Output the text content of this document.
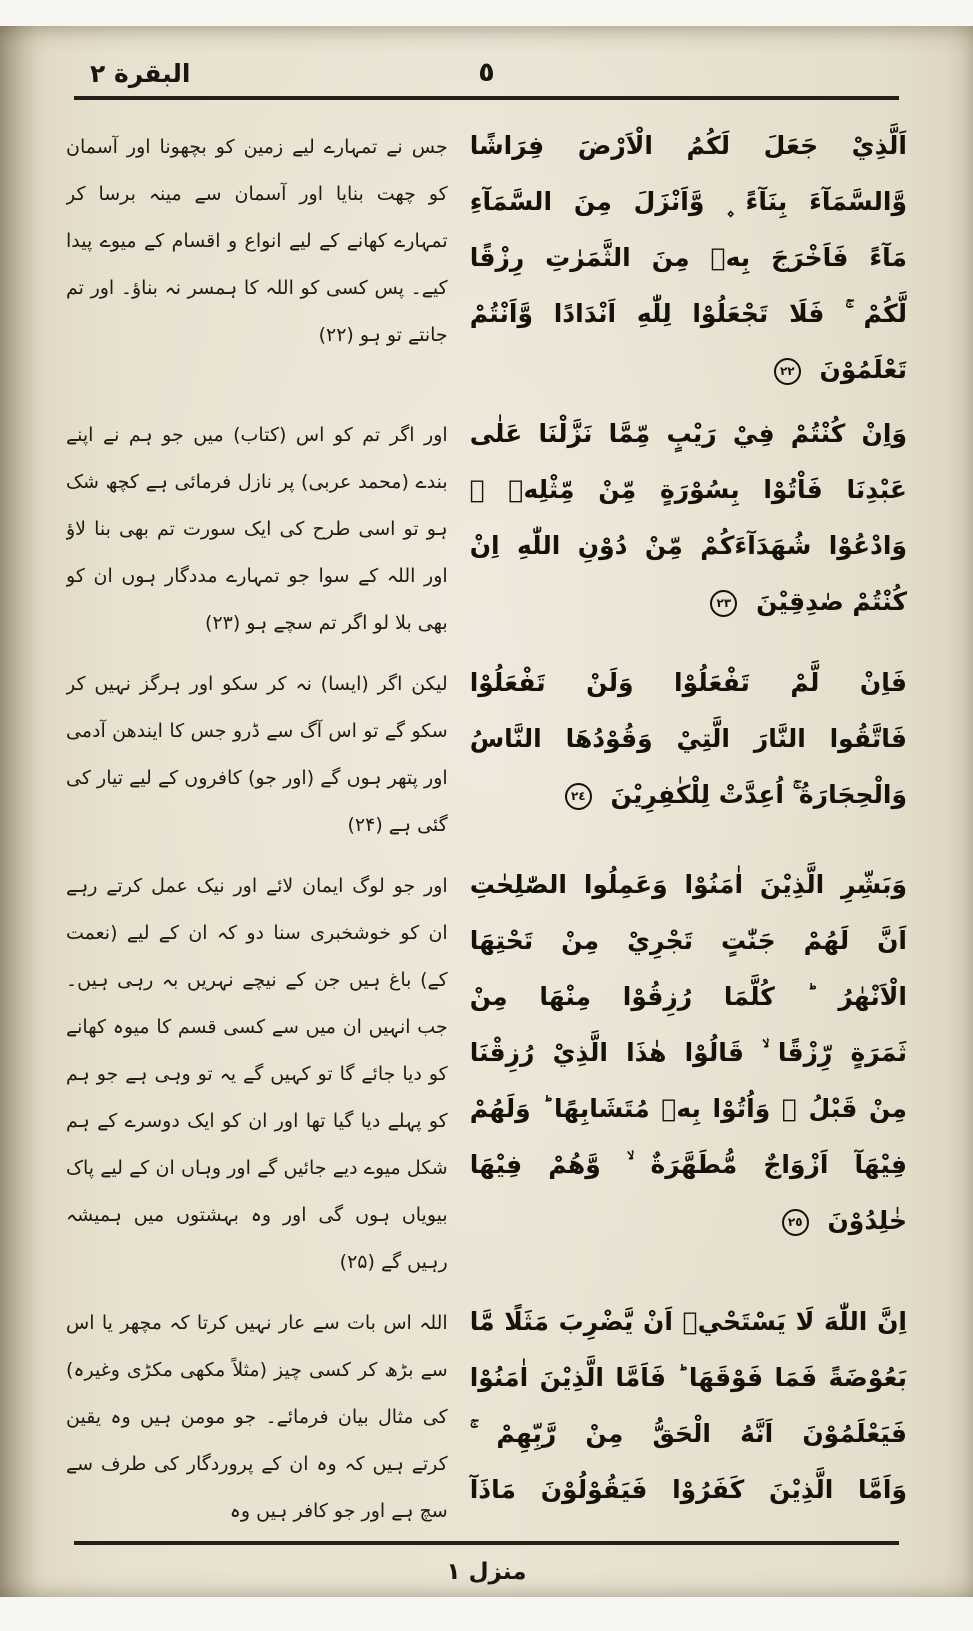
البقرة ٢	٥
اَلَّذِيْ جَعَلَ لَكُمُ الْاَرْضَ فِرَاشًا
وَّالسَّمَآءَ بِنَآءً ۪ وَّاَنْزَلَ مِنَ السَّمَآءِ
مَآءً فَاَخْرَجَ بِهٖ مِنَ الثَّمَرٰتِ رِزْقًا
لَّكُمْ ۚ فَلَا تَجْعَلُوْا لِلّٰهِ اَنْدَادًا وَّاَنْتُمْ
تَعْلَمُوْنَ ٢٢
جس نے تمہارے لیے زمین کو بچھونا اور آسمان کو چھت بنایا اور آسمان سے مینہ برسا کر تمہارے کھانے کے لیے انواع و اقسام کے میوے پیدا کیے۔ پس کسی کو اللہ کا ہمسر نہ بناؤ۔ اور تم جانتے تو ہو (۲۲)
وَاِنْ كُنْتُمْ فِيْ رَيْبٍ مِّمَّا نَزَّلْنَا عَلٰى
عَبْدِنَا فَاْتُوْا بِسُوْرَةٍ مِّنْ مِّثْلِهٖ ۪
وَادْعُوْا شُهَدَآءَكُمْ مِّنْ دُوْنِ اللّٰهِ اِنْ
كُنْتُمْ صٰدِقِيْنَ ٢٣
اور اگر تم کو اس (کتاب) میں جو ہم نے اپنے بندے (محمد عربی) پر نازل فرمائی ہے کچھ شک ہو تو اسی طرح کی ایک سورت تم بھی بنا لاؤ اور اللہ کے سوا جو تمہارے مددگار ہوں ان کو بھی بلا لو اگر تم سچے ہو (۲۳)
فَاِنْ لَّمْ تَفْعَلُوْا وَلَنْ تَفْعَلُوْا
فَاتَّقُوا النَّارَ الَّتِيْ وَقُوْدُهَا النَّاسُ
وَالْحِجَارَةُ ۚ اُعِدَّتْ لِلْكٰفِرِيْنَ ٢٤
لیکن اگر (ایسا) نہ کر سکو اور ہرگز نہیں کر سکو گے تو اس آگ سے ڈرو جس کا ایندھن آدمی اور پتھر ہوں گے (اور جو) کافروں کے لیے تیار کی گئی ہے (۲۴)
وَبَشِّرِ الَّذِيْنَ اٰمَنُوْا وَعَمِلُوا الصّٰلِحٰتِ
اَنَّ لَهُمْ جَنّٰتٍ تَجْرِيْ مِنْ تَحْتِهَا
الْاَنْهٰرُ ؕ كُلَّمَا رُزِقُوْا مِنْهَا مِنْ
ثَمَرَةٍ رِّزْقًا ۙ قَالُوْا هٰذَا الَّذِيْ رُزِقْنَا
مِنْ قَبْلُ ۙ وَاُتُوْا بِهٖ مُتَشَابِهًا ؕ وَلَهُمْ
فِيْهَآ اَزْوَاجٌ مُّطَهَّرَةٌ ۙ وَّهُمْ فِيْهَا
خٰلِدُوْنَ ٢٥
اور جو لوگ ایمان لائے اور نیک عمل کرتے رہے ان کو خوشخبری سنا دو کہ ان کے لیے (نعمت کے) باغ ہیں جن کے نیچے نہریں بہ رہی ہیں۔ جب انہیں ان میں سے کسی قسم کا میوہ کھانے کو دیا جائے گا تو کہیں گے یہ تو وہی ہے جو ہم کو پہلے دیا گیا تھا اور ان کو ایک دوسرے کے ہم شکل میوے دیے جائیں گے اور وہاں ان کے لیے پاک بیویاں ہوں گی اور وہ بہشتوں میں ہمیشہ رہیں گے (۲۵)
اِنَّ اللّٰهَ لَا يَسْتَحْيٖ اَنْ يَّضْرِبَ مَثَلًا مَّا
بَعُوْضَةً فَمَا فَوْقَهَا ؕ فَاَمَّا الَّذِيْنَ اٰمَنُوْا
فَيَعْلَمُوْنَ اَنَّهُ الْحَقُّ مِنْ رَّبِّهِمْ ۚ
وَاَمَّا الَّذِيْنَ كَفَرُوْا فَيَقُوْلُوْنَ مَاذَآ
اللہ اس بات سے عار نہیں کرتا کہ مچھر یا اس سے بڑھ کر کسی چیز (مثلاً مکھی مکڑی وغیرہ) کی مثال بیان فرمائے۔ جو مومن ہیں وہ یقین کرتے ہیں کہ وہ ان کے پروردگار کی طرف سے سچ ہے اور جو کافر ہیں وہ
منزل ١
